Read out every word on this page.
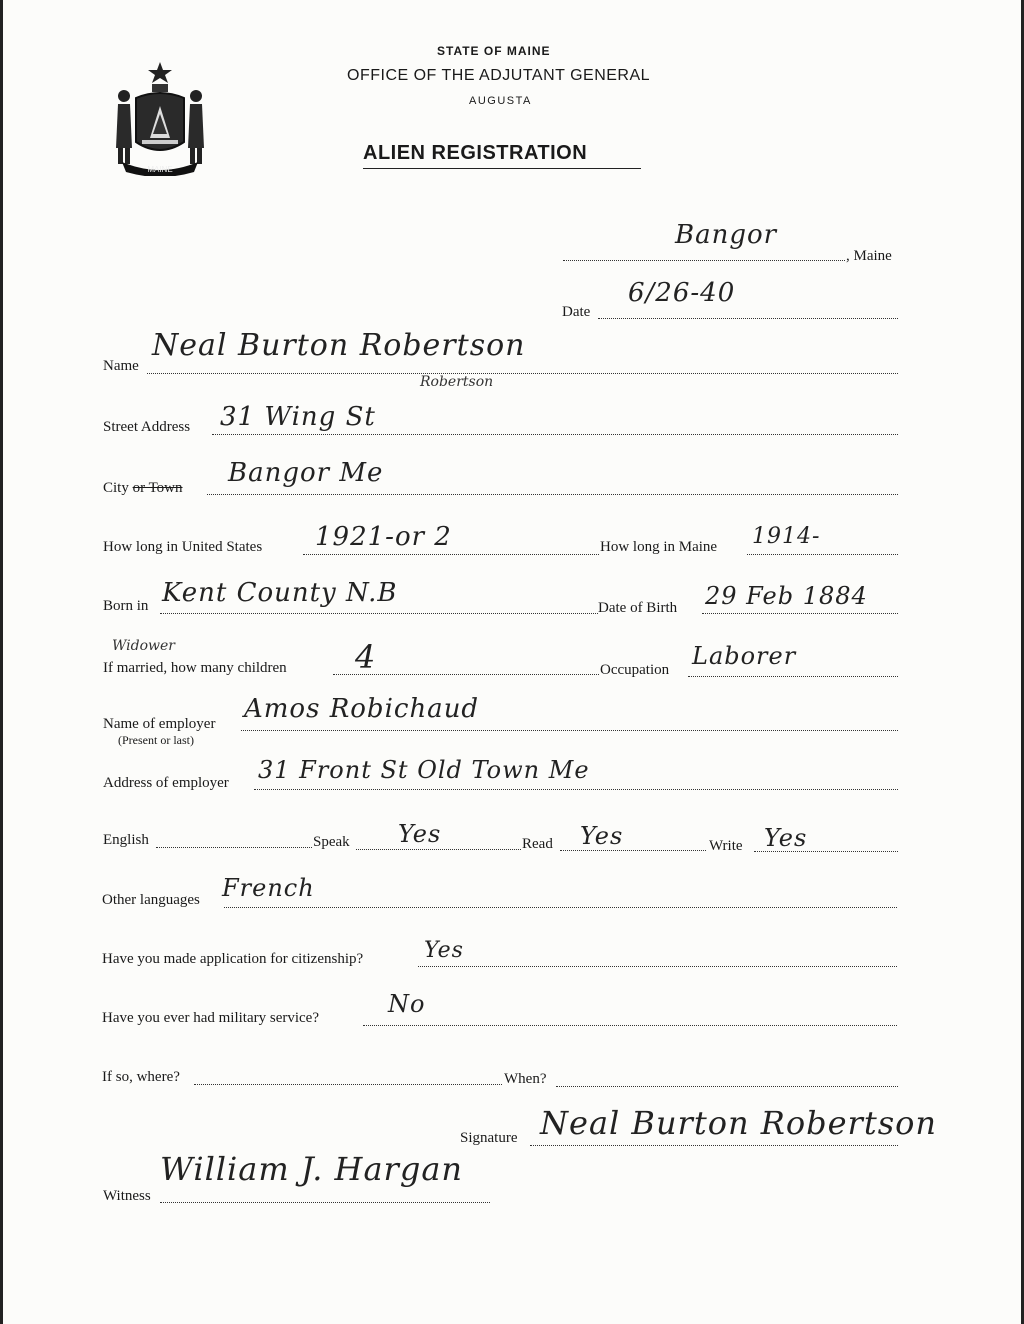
MAINE
STATE OF MAINE
OFFICE OF THE ADJUTANT GENERAL
AUGUSTA
ALIEN REGISTRATION
Bangor
, Maine
Date
6/26-40
Name
Neal Burton Robertson
Robertson
Street Address 31 Wing St
City or Town Bangor Me
How long in United States 1921-or 2	How long in Maine 1914-
Born in Kent County N.B	Date of Birth 29 Feb 1884
Widower
If married, how many children 4	Occupation Laborer
Name of employer
(Present or last)
Amos Robichaud
Address of employer 31 Front St Old Town Me
English	Speak Yes	Read Yes	Write Yes
Other languages French
Have you made application for citizenship?	Yes
Have you ever had military service?	No
If so, where?	When?
Signature Neal Burton Robertson
Witness
William J. Hargan
